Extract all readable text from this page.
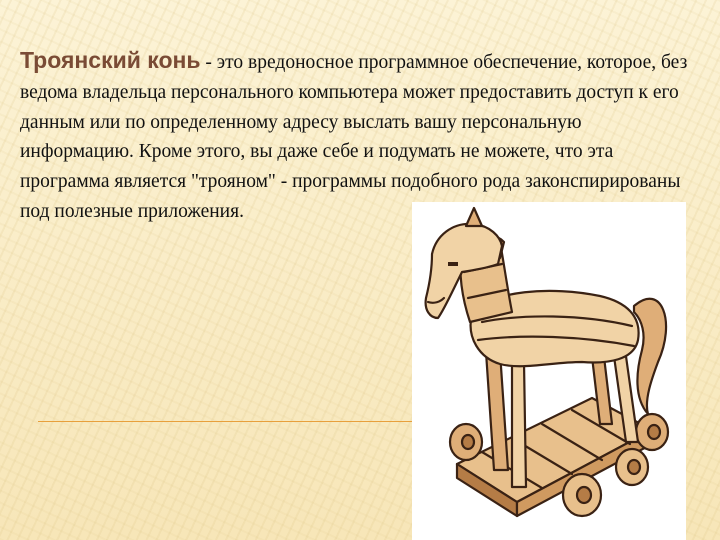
Троянский конь - это вредоносное программное обеспечение, которое, без ведома владельца персонального компьютера может предоставить доступ к его данным или по определенному адресу выслать вашу персональную информацию. Кроме этого, вы даже себе и подумать не можете, что эта программа является "трояном" - программы подобного рода законспирированы под полезные приложения.
